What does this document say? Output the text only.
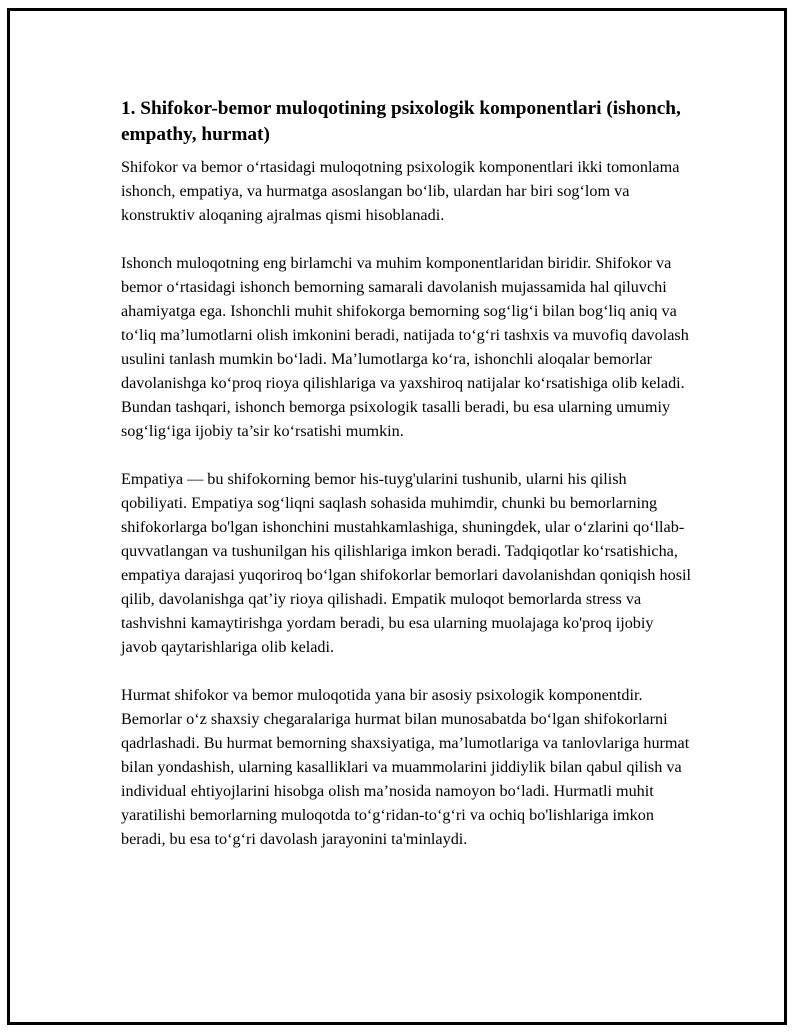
1. Shifokor-bemor muloqotining psixologik komponentlari (ishonch, empathy, hurmat)

Shifokor va bemor o‘rtasidagi muloqotning psixologik komponentlari ikki tomonlama ishonch, empatiya, va hurmatga asoslangan bo‘lib, ulardan har biri sog‘lom va konstruktiv aloqaning ajralmas qismi hisoblanadi.

Ishonch muloqotning eng birlamchi va muhim komponentlaridan biridir. Shifokor va bemor o‘rtasidagi ishonch bemorning samarali davolanish mujassamida hal qiluvchi ahamiyatga ega. Ishonchli muhit shifokorga bemorning sog‘lig‘i bilan bog‘liq aniq va to‘liq ma’lumotlarni olish imkonini beradi, natijada to‘g‘ri tashxis va muvofiq davolash usulini tanlash mumkin bo‘ladi. Ma’lumotlarga ko‘ra, ishonchli aloqalar bemorlar davolanishga ko‘proq rioya qilishlariga va yaxshiroq natijalar ko‘rsatishiga olib keladi. Bundan tashqari, ishonch bemorga psixologik tasalli beradi, bu esa ularning umumiy sog‘lig‘iga ijobiy ta’sir ko‘rsatishi mumkin.

Empatiya — bu shifokorning bemor his-tuyg'ularini tushunib, ularni his qilish qobiliyati. Empatiya sog‘liqni saqlash sohasida muhimdir, chunki bu bemorlarning shifokorlarga bo'lgan ishonchini mustahkamlashiga, shuningdek, ular o‘zlarini qo‘llab-quvvatlangan va tushunilgan his qilishlariga imkon beradi. Tadqiqotlar ko‘rsatishicha, empatiya darajasi yuqoriroq bo‘lgan shifokorlar bemorlari davolanishdan qoniqish hosil qilib, davolanishga qat’iy rioya qilishadi. Empatik muloqot bemorlarda stress va tashvishni kamaytirishga yordam beradi, bu esa ularning muolajaga ko'proq ijobiy javob qaytarishlariga olib keladi.

Hurmat shifokor va bemor muloqotida yana bir asosiy psixologik komponentdir. Bemorlar o‘z shaxsiy chegaralariga hurmat bilan munosabatda bo‘lgan shifokorlarni qadrlashadi. Bu hurmat bemorning shaxsiyatiga, ma’lumotlariga va tanlovlariga hurmat bilan yondashish, ularning kasalliklari va muammolarini jiddiylik bilan qabul qilish va individual ehtiyojlarini hisobga olish ma’nosida namoyon bo‘ladi. Hurmatli muhit yaratilishi bemorlarning muloqotda to‘g‘ridan-to‘g‘ri va ochiq bo'lishlariga imkon beradi, bu esa to‘g‘ri davolash jarayonini ta'minlaydi.
